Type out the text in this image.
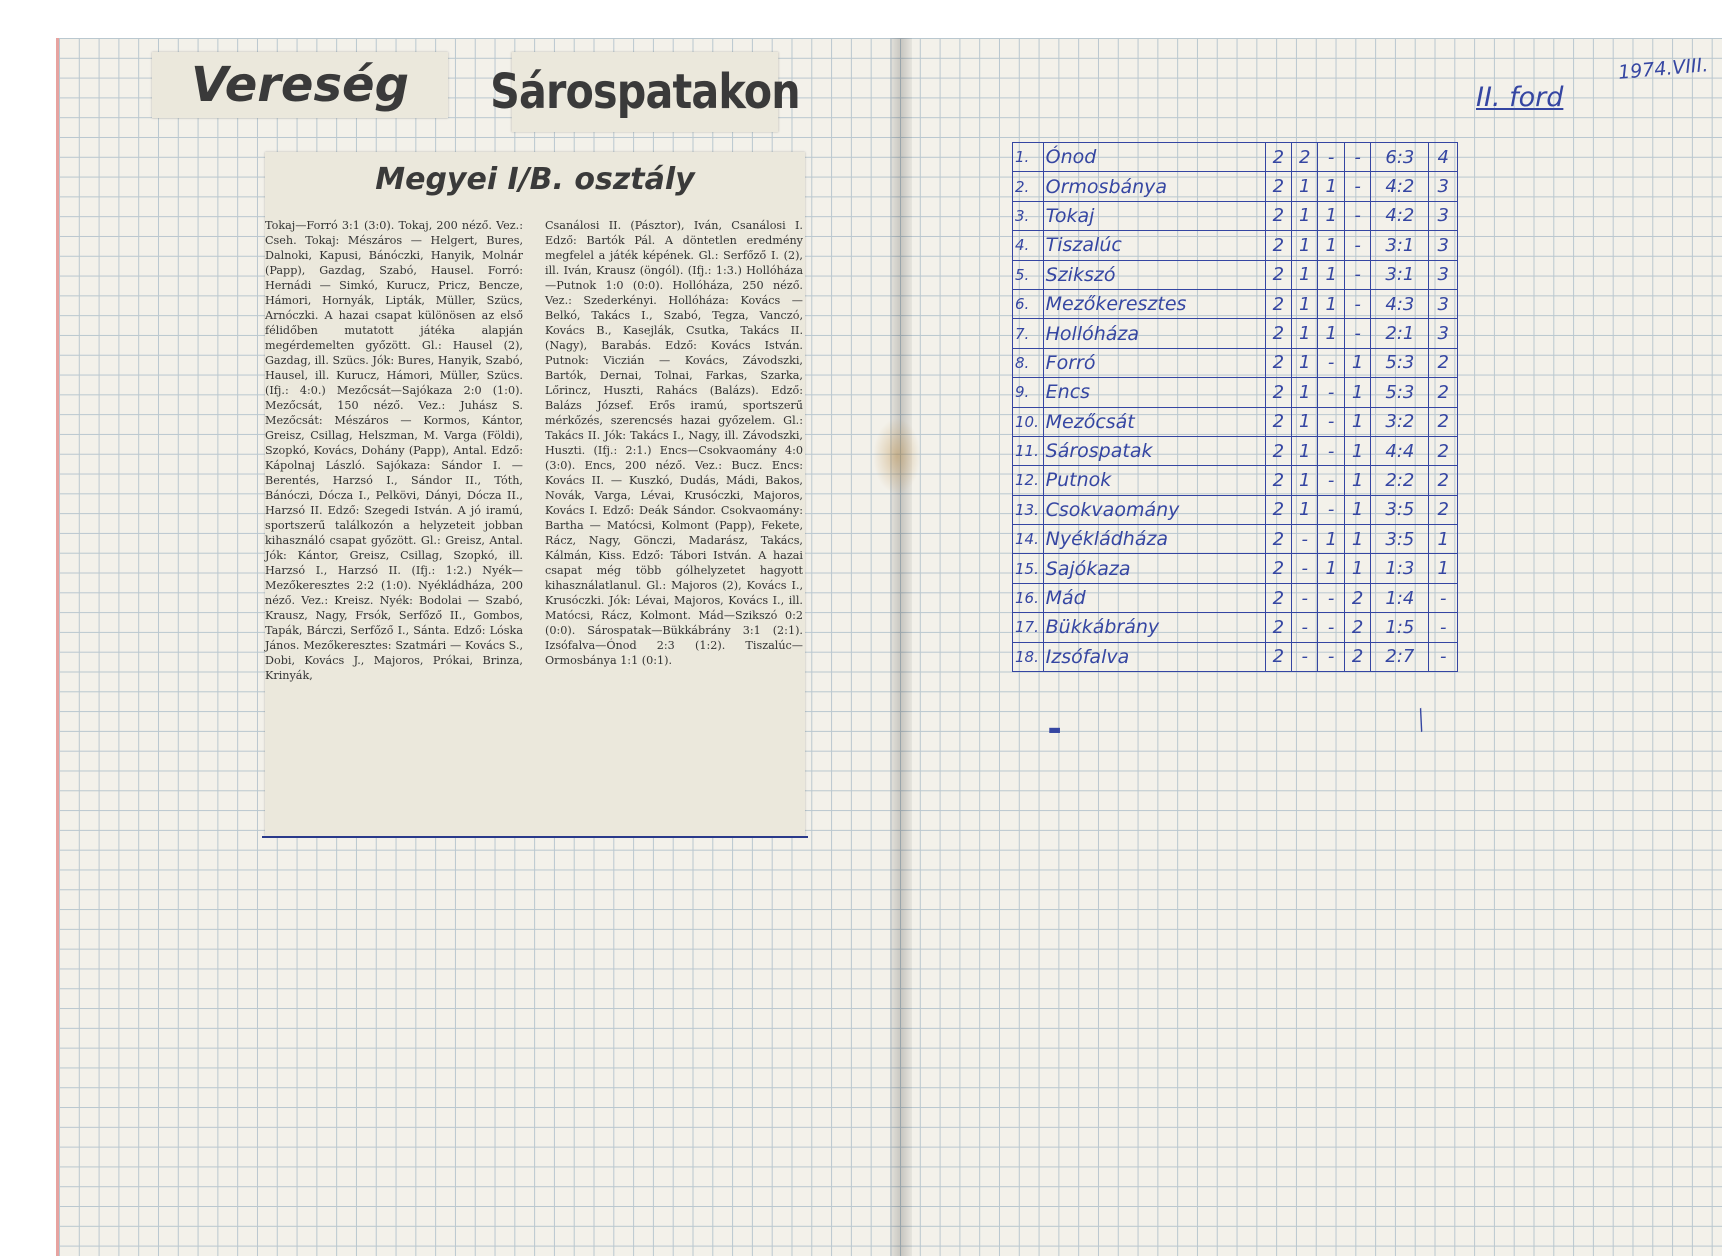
Vereség Sárospatakon
Megyei I/B. osztály
Tokaj—Forró 3:1 (3:0). Tokaj, 200 néző. Vez.: Cseh. Tokaj: Mészáros — Helgert, Bures, Dalnoki, Kapusi, Bánóczki, Hanyik, Molnár (Papp), Gazdag, Szabó, Hausel. Forró: Hernádi — Simkó, Kurucz, Pricz, Bencze, Hámori, Hornyák, Lipták, Müller, Szücs, Arnóczki. A hazai csapat különösen az első félidőben mutatott játéka alapján megérdemelten győzött. Gl.: Hausel (2), Gazdag, ill. Szücs. Jók: Bures, Hanyik, Szabó, Hausel, ill. Kurucz, Hámori, Müller, Szücs. (Ifj.: 4:0.) Mezőcsát—Sajókaza 2:0 (1:0). Mezőcsát, 150 néző. Vez.: Juhász S. Mezőcsát: Mészáros — Kormos, Kántor, Greisz, Csillag, Helszman, M. Varga (Földi), Szopkó, Kovács, Dohány (Papp), Antal. Edző: Kápolnaj László. Sajókaza: Sándor I. — Berentés, Harzsó I., Sándor II., Tóth, Bánóczi, Dócza I., Pelkövi, Dányi, Dócza II., Harzsó II. Edző: Szegedi István. A jó iramú, sportszerű találkozón a helyzeteit jobban kihasználó csapat győzött. Gl.: Greisz, Antal. Jók: Kántor, Greisz, Csillag, Szopkó, ill. Harzsó I., Harzsó II. (Ifj.: 1:2.) Nyék—Mezőkeresztes 2:2 (1:0). Nyékládháza, 200 néző. Vez.: Kreisz. Nyék: Bodolai — Szabó, Krausz, Nagy, Frsók, Serfőző II., Gombos, Tapák, Bárczi, Serfőző I., Sánta. Edző: Lóska János. Mezőkeresztes: Szatmári — Kovács S., Dobi, Kovács J., Majoros, Prókai, Brinza, Krinyák,
Csanálosi II. (Pásztor), Iván, Csanálosi I. Edző: Bartók Pál. A döntetlen eredmény megfelel a játék képének. Gl.: Serfőző I. (2), ill. Iván, Krausz (öngól). (Ifj.: 1:3.) Hollóháza—Putnok 1:0 (0:0). Hollóháza, 250 néző. Vez.: Szederkényi. Hollóháza: Kovács — Belkó, Takács I., Szabó, Tegza, Vanczó, Kovács B., Kasejlák, Csutka, Takács II. (Nagy), Barabás. Edző: Kovács István. Putnok: Viczián — Kovács, Závodszki, Bartók, Dernai, Tolnai, Farkas, Szarka, Lőrincz, Huszti, Rahács (Balázs). Edző: Balázs József. Erős iramú, sportszerű mérkőzés, szerencsés hazai győzelem. Gl.: Takács II. Jók: Takács I., Nagy, ill. Závodszki, Huszti. (Ifj.: 2:1.) Encs—Csokvaomány 4:0 (3:0). Encs, 200 néző. Vez.: Bucz. Encs: Kovács II. — Kuszkó, Dudás, Mádi, Bakos, Novák, Varga, Lévai, Krusóczki, Majoros, Kovács I. Edző: Deák Sándor. Csokvaomány: Bartha — Matócsi, Kolmont (Papp), Fekete, Rácz, Nagy, Gönczi, Madarász, Takács, Kálmán, Kiss. Edző: Tábori István. A hazai csapat még több gólhelyzetet hagyott kihasználatlanul. Gl.: Majoros (2), Kovács I., Krusóczki. Jók: Lévai, Majoros, Kovács I., ill. Matócsi, Rácz, Kolmont. Mád—Szikszó 0:2 (0:0). Sárospatak—Bükkábrány 3:1 (2:1). Izsófalva—Ónod 2:3 (1:2). Tiszalúc—Ormosbánya 1:1 (0:1).
1974.VIII.
II. ford
1.	Ónod	2	2	-	-	6:3	4
2.	Ormosbánya	2	1	1	-	4:2	3
3.	Tokaj	2	1	1	-	4:2	3
4.	Tiszalúc	2	1	1	-	3:1	3
5.	Szikszó	2	1	1	-	3:1	3
6.	Mezőkeresztes	2	1	1	-	4:3	3
7.	Hollóháza	2	1	1	-	2:1	3
8.	Forró	2	1	-	1	5:3	2
9.	Encs	2	1	-	1	5:3	2
10.	Mezőcsát	2	1	-	1	3:2	2
11.	Sárospatak	2	1	-	1	4:4	2
12.	Putnok	2	1	-	1	2:2	2
13.	Csokvaomány	2	1	-	1	3:5	2
14.	Nyékládháza	2	-	1	1	3:5	1
15.	Sajókaza	2	-	1	1	1:3	1
16.	Mád	2	-	-	2	1:4	-
17.	Bükkábrány	2	-	-	2	1:5	-
18.	Izsófalva	2	-	-	2	2:7	-
▬	╱
